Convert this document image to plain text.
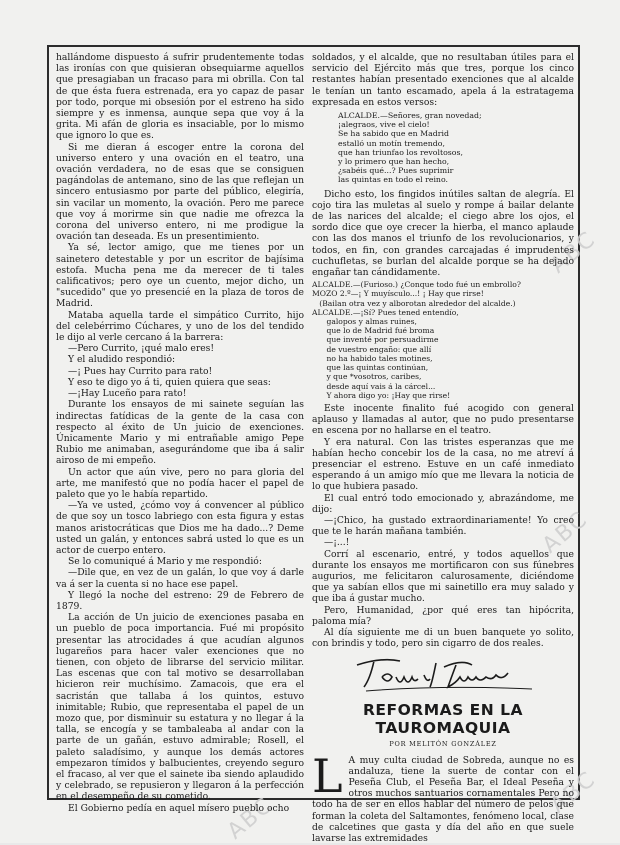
ABC
ABC
ABC
ABC

hallándome dispuesto á sufrir prudentemente todas las ironías con que quisieran obsequiarme aquellos que presagiaban un fracaso para mi obrilla. Con tal de que ésta fuera estrenada, era yo capaz de pasar por todo, porque mi obsesión por el estreno ha sido siempre y es inmensa, aunque sepa que voy á la grita. Mi afán de gloria es insaciable, por lo mismo que ignoro lo que es.

Si me dieran á escoger entre la corona del universo entero y una ovación en el teatro, una ovación verdadera, no de esas que se consiguen pagándolas de antemano, sino de las que reflejan un sincero entusiasmo por parte del público, elegiría, sin vacilar un momento, la ovación. Pero me parece que voy á morirme sin que nadie me ofrezca la corona del universo entero, ni me prodigue la ovación tan deseada. Es un presentimiento.

Ya sé, lector amigo, que me tienes por un sainetero detestable y por un escritor de bajísima estofa. Mucha pena me da merecer de ti tales calificativos; pero oye un cuento, mejor dicho, un "sucedido" que yo presencié en la plaza de toros de Madrid.

Mataba aquella tarde el simpático Currito, hijo del celebérrimo Cúchares, y uno de los del tendido le dijo al verle cercano á la barrera:

—Pero Currito, ¡qué malo eres!

Y el aludido respondió:

—¡ Pues hay Currito para rato!

Y eso te digo yo á ti, quien quiera que seas:

—¡Hay Luceño para rato!

Durante los ensayos de mi sainete seguían las indirectas fatídicas de la gente de la casa con respecto al éxito de Un juicio de exenciones. Únicamente Mario y mi entrañable amigo Pepe Rubio me animaban, asegurándome que iba á salir airoso de mi empeño.

Un actor que aún vive, pero no para gloria del arte, me manifestó que no podía hacer el papel de paleto que yo le había repartido.

—Ya ve usted, ¿cómo voy á convencer al público de que soy un tosco labriego con esta figura y estas manos aristocráticas que Dios me ha dado...? Deme usted un galán, y entonces sabrá usted lo que es un actor de cuerpo entero.

Se lo comuniqué á Mario y me respondió:

—Dile que, en vez de un galán, lo que voy á darle va á ser la cuenta si no hace ese papel.

Y llegó la noche del estreno: 29 de Febrero de 1879.

La acción de Un juicio de exenciones pasaba en un pueblo de poca importancia. Fué mi propósito presentar las atrocidades á que acudían algunos lugareños para hacer valer exenciones que no tienen, con objeto de librarse del servicio militar. Las escenas que con tal motivo se desarrollaban hicieron reir muchísimo. Zamacois, que era el sacristán que tallaba á los quintos, estuvo inimitable; Rubio, que representaba el papel de un mozo que, por disminuir su estatura y no llegar á la talla, se encogía y se tambaleaba al andar con la parte de un gañán, estuvo admirable; Rosell, el paleto saladísimo, y aunque los demás actores empezaron tímidos y balbucientes, creyendo seguro el fracaso, al ver que el sainete iba siendo aplaudido y celebrado, se repusieron y llegaron á la perfección en el desempeño de su cometido.

El Gobierno pedía en aquel mísero pueblo ocho

soldados, y el alcalde, que no resultaban útiles para el servicio del Ejército más que tres, porque los cinco restantes habían presentado exenciones que al alcalde le tenían un tanto escamado, apela á la estratagema expresada en estos versos:

ALCALDE.—Señores, gran novedad;
¡alegraos, vive el cielo!
Se ha sabido que en Madrid
estalló un motín tremendo,
que han triunfao los revoltosos,
y lo primero que han hecho,
¿sabéis qué...? Pues suprimir
las quintas en todo el reino.

Dicho esto, los fingidos inútiles saltan de alegría. El cojo tira las muletas al suelo y rompe á bailar delante de las narices del alcalde; el ciego abre los ojos, el sordo dice que oye crecer la hierba, el manco aplaude con las dos manos el triunfo de los revolucionarios, y todos, en fin, con grandes carcajadas é imprudentes cuchufletas, se burlan del alcalde porque se ha dejado engañar tan cándidamente.

ALCALDE.—(Furioso.) ¿Conque todo fué un embrollo?
MOZO 2.º—¡ Y muyísculo...! ¡ Hay que rirse!
(Bailan otra vez y alborotan alrededor del alcalde.)
ALCALDE.—¡Sí? Pues tened entendío,
galopos y almas ruines,
que lo de Madrid fué broma
que inventé por persuadirme
de vuestro engaño: que allí
no ha habido tales motines,
que las quintas continúan,
y que *vosotros, caribes,
desde aquí vais á la cárcel...
Y ahora digo yo: ¡Hay que rirse!

Este inocente finalito fué acogido con general aplauso y llamadas al autor, que no pudo presentarse en escena por no hallarse en el teatro.

Y era natural. Con las tristes esperanzas que me habían hecho concebir los de la casa, no me atreví á presenciar el estreno. Estuve en un café inmediato esperando á un amigo mío que me llevara la noticia de lo que hubiera pasado.

El cual entró todo emocionado y, abrazándome, me dijo:

—¡Chico, ha gustado extraordinariamente! Yo creo que te le harán mañana también.

—¡...!

Corrí al escenario, entré, y todos aquellos que durante los ensayos me mortificaron con sus fúnebres augurios, me felicitaron calurosamente, diciéndome que ya sabían ellos que mi sainetillo era muy salado y que iba á gustar mucho.

Pero, Humanidad, ¿por qué eres tan hipócrita, paloma mía?

Al día siguiente me di un buen banquete yo solito, con brindis y todo, pero sin cigarro de dos reales.

REFORMAS EN LA TAUROMAQUIA
POR MELITÓN GONZÁLEZ
L A muy culta ciudad de Sobreda, aunque no es andaluza, tiene la suerte de contar con el Peseña Club, el Peseña Bar, el Ideal Peseña y otros muchos santuarios cornamentales Pero no todo ha de ser en ellos hablar del número de pelos que forman la coleta del Saltamontes, fenómeno local, clase de calcetines que gasta y día del año en que suele lavarse las extremidades
